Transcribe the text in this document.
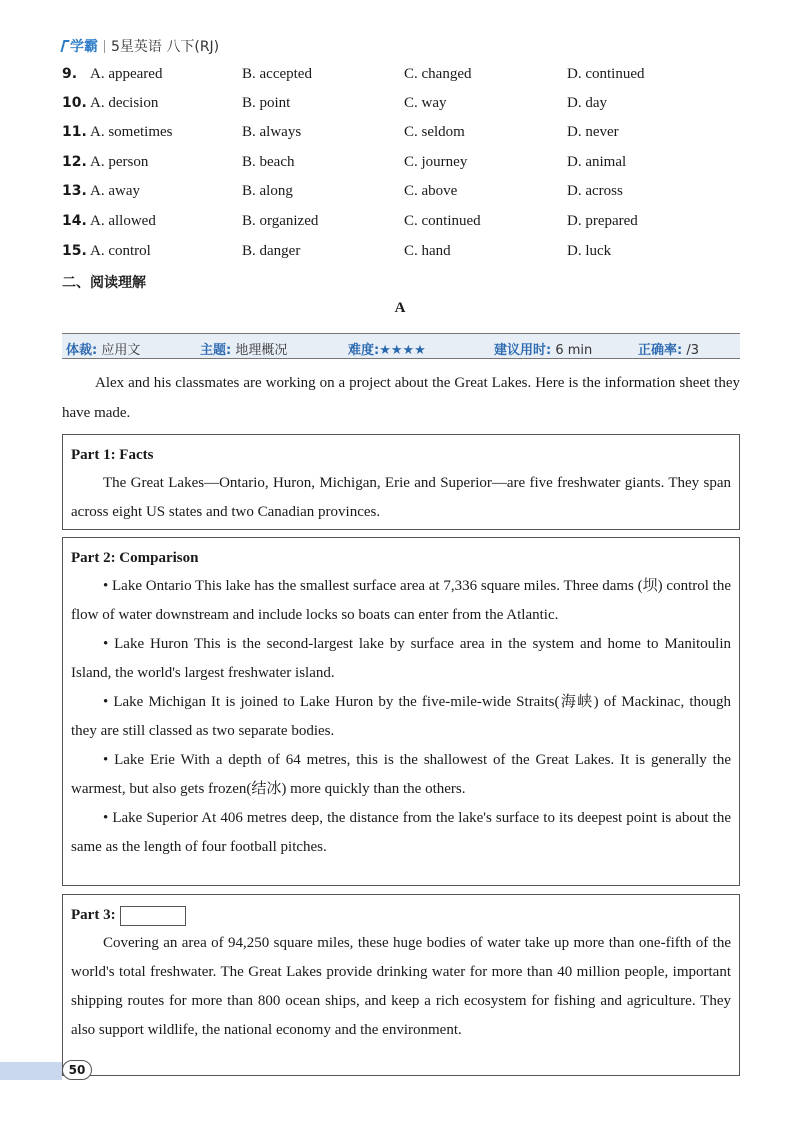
学霸 5星英语 八下(RJ)
9. A. appeared	B. accepted	C. changed	D. continued
10. A. decision	B. point	C. way	D. day
11. A. sometimes	B. always	C. seldom	D. never
12. A. person	B. beach	C. journey	D. animal
13. A. away	B. along	C. above	D. across
14. A. allowed	B. organized	C. continued	D. prepared
15. A. control	B. danger	C. hand	D. luck
二、阅读理解
A
体裁: 应用文	主题: 地理概况	难度:★★★★	建议用时: 6 min	正确率: /3
Alex and his classmates are working on a project about the Great Lakes. Here is the information sheet they have made.
Part 1: Facts

The Great Lakes—Ontario, Huron, Michigan, Erie and Superior—are five freshwater giants. They span across eight US states and two Canadian provinces.

Part 2: Comparison

• Lake Ontario This lake has the smallest surface area at 7,336 square miles. Three dams (坝) control the flow of water downstream and include locks so boats can enter from the Atlantic.

• Lake Huron This is the second-largest lake by surface area in the system and home to Manitoulin Island, the world's largest freshwater island.

• Lake Michigan It is joined to Lake Huron by the five-mile-wide Straits(海峡) of Mackinac, though they are still classed as two separate bodies.

• Lake Erie With a depth of 64 metres, this is the shallowest of the Great Lakes. It is generally the warmest, but also gets frozen(结冰) more quickly than the others.

• Lake Superior At 406 metres deep, the distance from the lake's surface to its deepest point is about the same as the length of four football pitches.

Part 3:

Covering an area of 94,250 square miles, these huge bodies of water take up more than one-fifth of the world's total freshwater. The Great Lakes provide drinking water for more than 40 million people, important shipping routes for more than 800 ocean ships, and keep a rich ecosystem for fishing and agriculture. They also support wildlife, the national economy and the environment.

50
